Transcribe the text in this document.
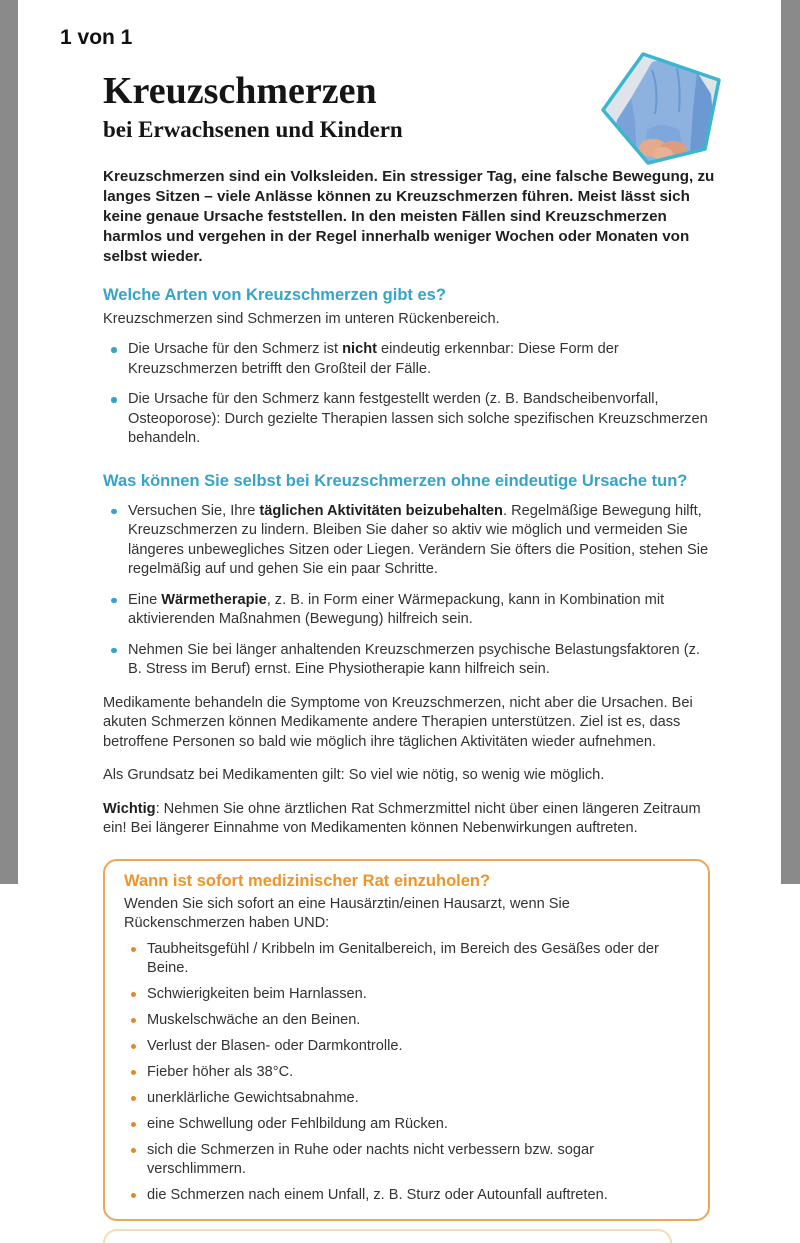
1 von 1
Kreuzschmerzen
bei Erwachsenen und Kindern

Kreuzschmerzen sind ein Volksleiden. Ein stressiger Tag, eine falsche Bewegung, zu langes Sitzen – viele Anlässe können zu Kreuzschmerzen führen. Meist lässt sich keine genaue Ursache feststellen. In den meisten Fällen sind Kreuzschmerzen harmlos und vergehen in der Regel innerhalb weniger Wochen oder Monaten von selbst wieder.

Welche Arten von Kreuzschmerzen gibt es?

Kreuzschmerzen sind Schmerzen im unteren Rückenbereich.

Die Ursache für den Schmerz ist nicht eindeutig erkennbar: Diese Form der Kreuzschmerzen betrifft den Großteil der Fälle.
Die Ursache für den Schmerz kann festgestellt werden (z. B. Bandscheibenvorfall, Osteoporose): Durch gezielte Therapien lassen sich solche spezifischen Kreuzschmerzen behandeln.
Was können Sie selbst bei Kreuzschmerzen ohne eindeutige Ursache tun?
Versuchen Sie, Ihre täglichen Aktivitäten beizubehalten. Regelmäßige Bewegung hilft, Kreuzschmerzen zu lindern. Bleiben Sie daher so aktiv wie möglich und vermeiden Sie längeres unbewegliches Sitzen oder Liegen. Verändern Sie öfters die Position, stehen Sie regelmäßig auf und gehen Sie ein paar Schritte.
Eine Wärmetherapie, z. B. in Form einer Wärmepackung, kann in Kombination mit aktivierenden Maßnahmen (Bewegung) hilfreich sein.
Nehmen Sie bei länger anhaltenden Kreuzschmerzen psychische Belastungsfaktoren (z. B. Stress im Beruf) ernst. Eine Physiotherapie kann hilfreich sein.

Medikamente behandeln die Symptome von Kreuzschmerzen, nicht aber die Ursachen. Bei akuten Schmerzen können Medikamente andere Therapien unterstützen. Ziel ist es, dass betroffene Personen so bald wie möglich ihre täglichen Aktivitäten wieder aufnehmen.

Als Grundsatz bei Medikamenten gilt: So viel wie nötig, so wenig wie möglich.

Wichtig: Nehmen Sie ohne ärztlichen Rat Schmerzmittel nicht über einen längeren Zeitraum ein! Bei längerer Einnahme von Medikamenten können Nebenwirkungen auftreten.

Wann ist sofort medizinischer Rat einzuholen?

Wenden Sie sich sofort an eine Hausärztin/einen Hausarzt, wenn Sie Rückenschmerzen haben UND:

Taubheitsgefühl / Kribbeln im Genitalbereich, im Bereich des Gesäßes oder der Beine.
Schwierigkeiten beim Harnlassen.
Muskelschwäche an den Beinen.
Verlust der Blasen- oder Darmkontrolle.
Fieber höher als 38°C.
unerklärliche Gewichtsabnahme.
eine Schwellung oder Fehlbildung am Rücken.
sich die Schmerzen in Ruhe oder nachts nicht verbessern bzw. sogar verschlimmern.
die Schmerzen nach einem Unfall, z. B. Sturz oder Autounfall auftreten.
